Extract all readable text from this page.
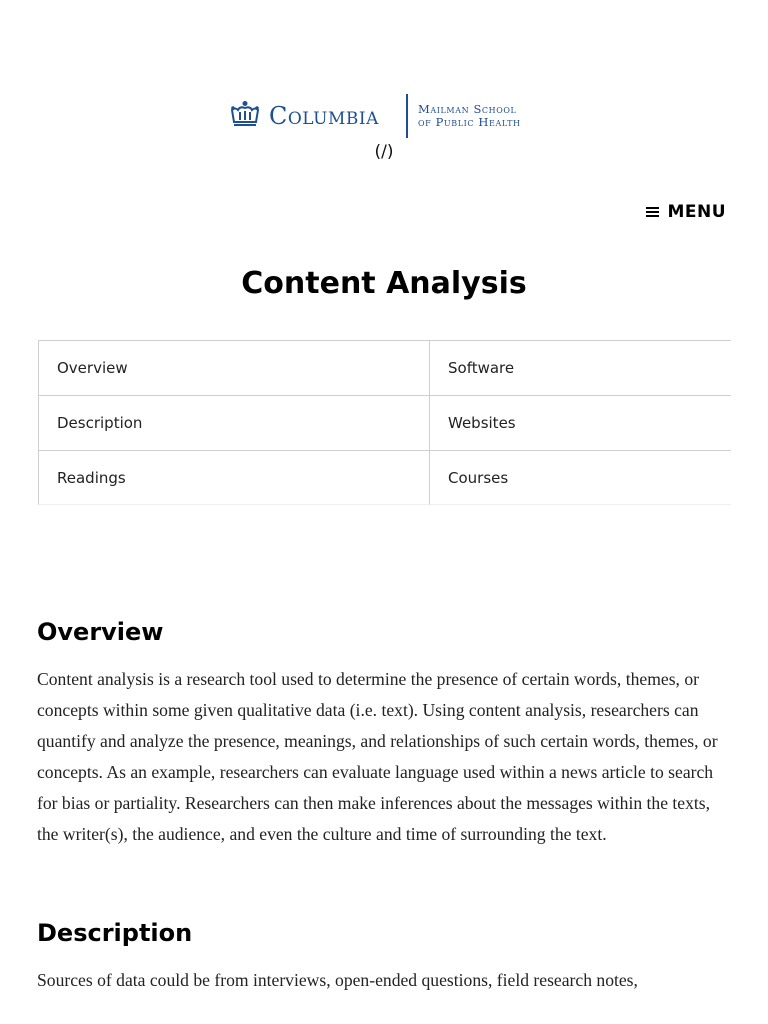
Columbia	Mailman School
of Public Health
(/)
MENU
Content Analysis
Overview	Software
Description	Websites
Readings	Courses
Overview

Content analysis is a research tool used to determine the presence of certain words, themes, or concepts within some given qualitative data (i.e. text). Using content analysis, researchers can quantify and analyze the presence, meanings, and relationships of such certain words, themes, or concepts. As an example, researchers can evaluate language used within a news article to search for bias or partiality. Researchers can then make inferences about the messages within the texts, the writer(s), the audience, and even the culture and time of surrounding the text.

Description

Sources of data could be from interviews, open-ended questions, field research notes,
